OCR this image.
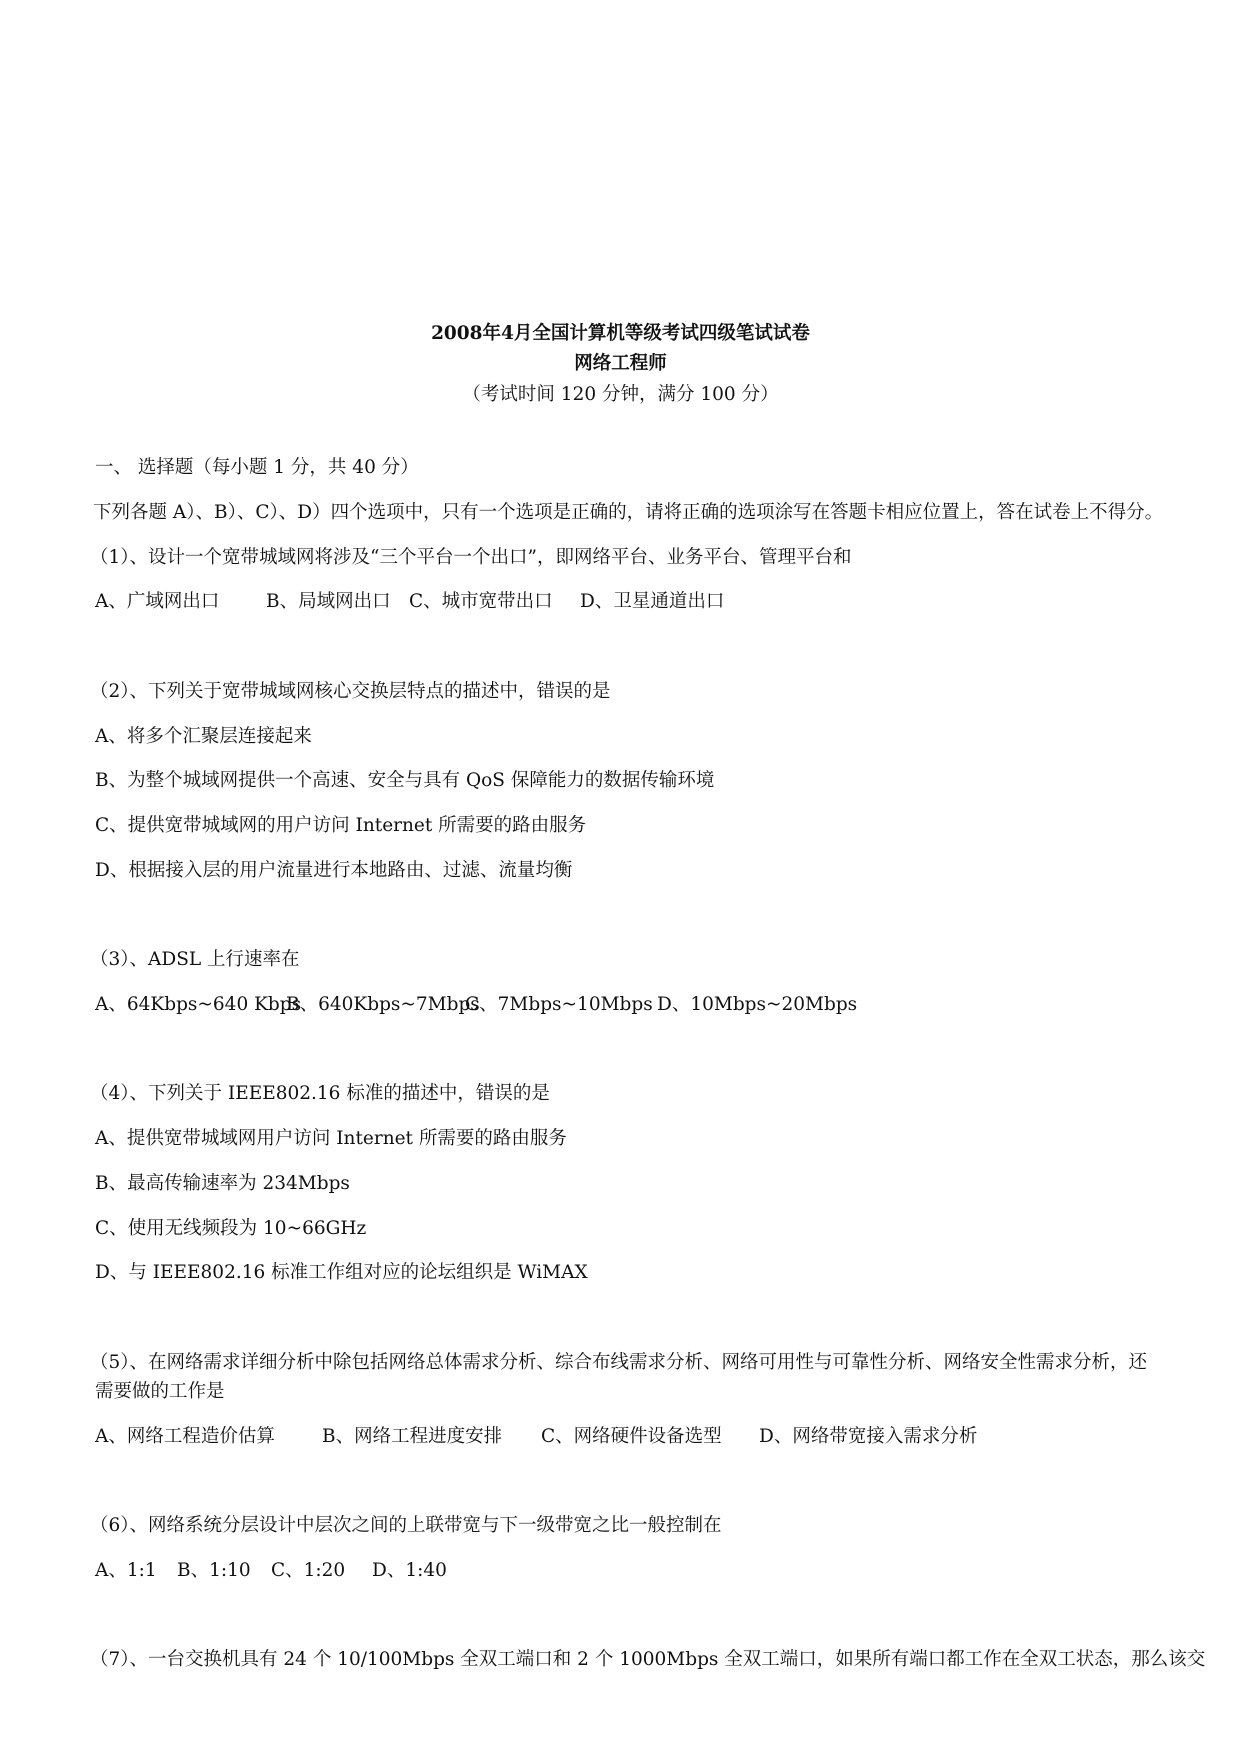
2008年4月全国计算机等级考试四级笔试试卷
网络工程师
（考试时间 120 分钟，满分 100 分）
一、 选择题（每小题 1 分，共 40 分）
下列各题 A）、B）、C）、D）四个选项中，只有一个选项是正确的，请将正确的选项涂写在答题卡相应位置上，答在试卷上不得分。
（1）、设计一个宽带城域网将涉及“三个平台一个出口”，即网络平台、业务平台、管理平台和
A、广域网出口	B、局域网出口 C、城市宽带出口 D、卫星通道出口
（2）、下列关于宽带城域网核心交换层特点的描述中，错误的是
A、将多个汇聚层连接起来
B、为整个城域网提供一个高速、安全与具有 QoS 保障能力的数据传输环境
C、提供宽带城域网的用户访问 Internet 所需要的路由服务
D、根据接入层的用户流量进行本地路由、过滤、流量均衡
（3）、ADSL 上行速率在
A、64Kbps~640 Kbps
B、640Kbps~7Mbps
C、7Mbps~10Mbps D、10Mbps~20Mbps
（4）、下列关于 IEEE802.16 标准的描述中，错误的是
A、提供宽带城域网用户访问 Internet 所需要的路由服务
B、最高传输速率为 234Mbps
C、使用无线频段为 10~66GHz
D、与 IEEE802.16 标准工作组对应的论坛组织是 WiMAX
（5）、在网络需求详细分析中除包括网络总体需求分析、综合布线需求分析、网络可用性与可靠性分析、网络安全性需求分析，还
需要做的工作是
A、网络工程造价估算	B、网络工程进度安排 C、网络硬件设备选型 D、网络带宽接入需求分析
（6）、网络系统分层设计中层次之间的上联带宽与下一级带宽之比一般控制在
A、1:1 B、1:10 C、1:20 D、1:40
（7）、一台交换机具有 24 个 10/100Mbps 全双工端口和 2 个 1000Mbps 全双工端口，如果所有端口都工作在全双工状态，那么该交
